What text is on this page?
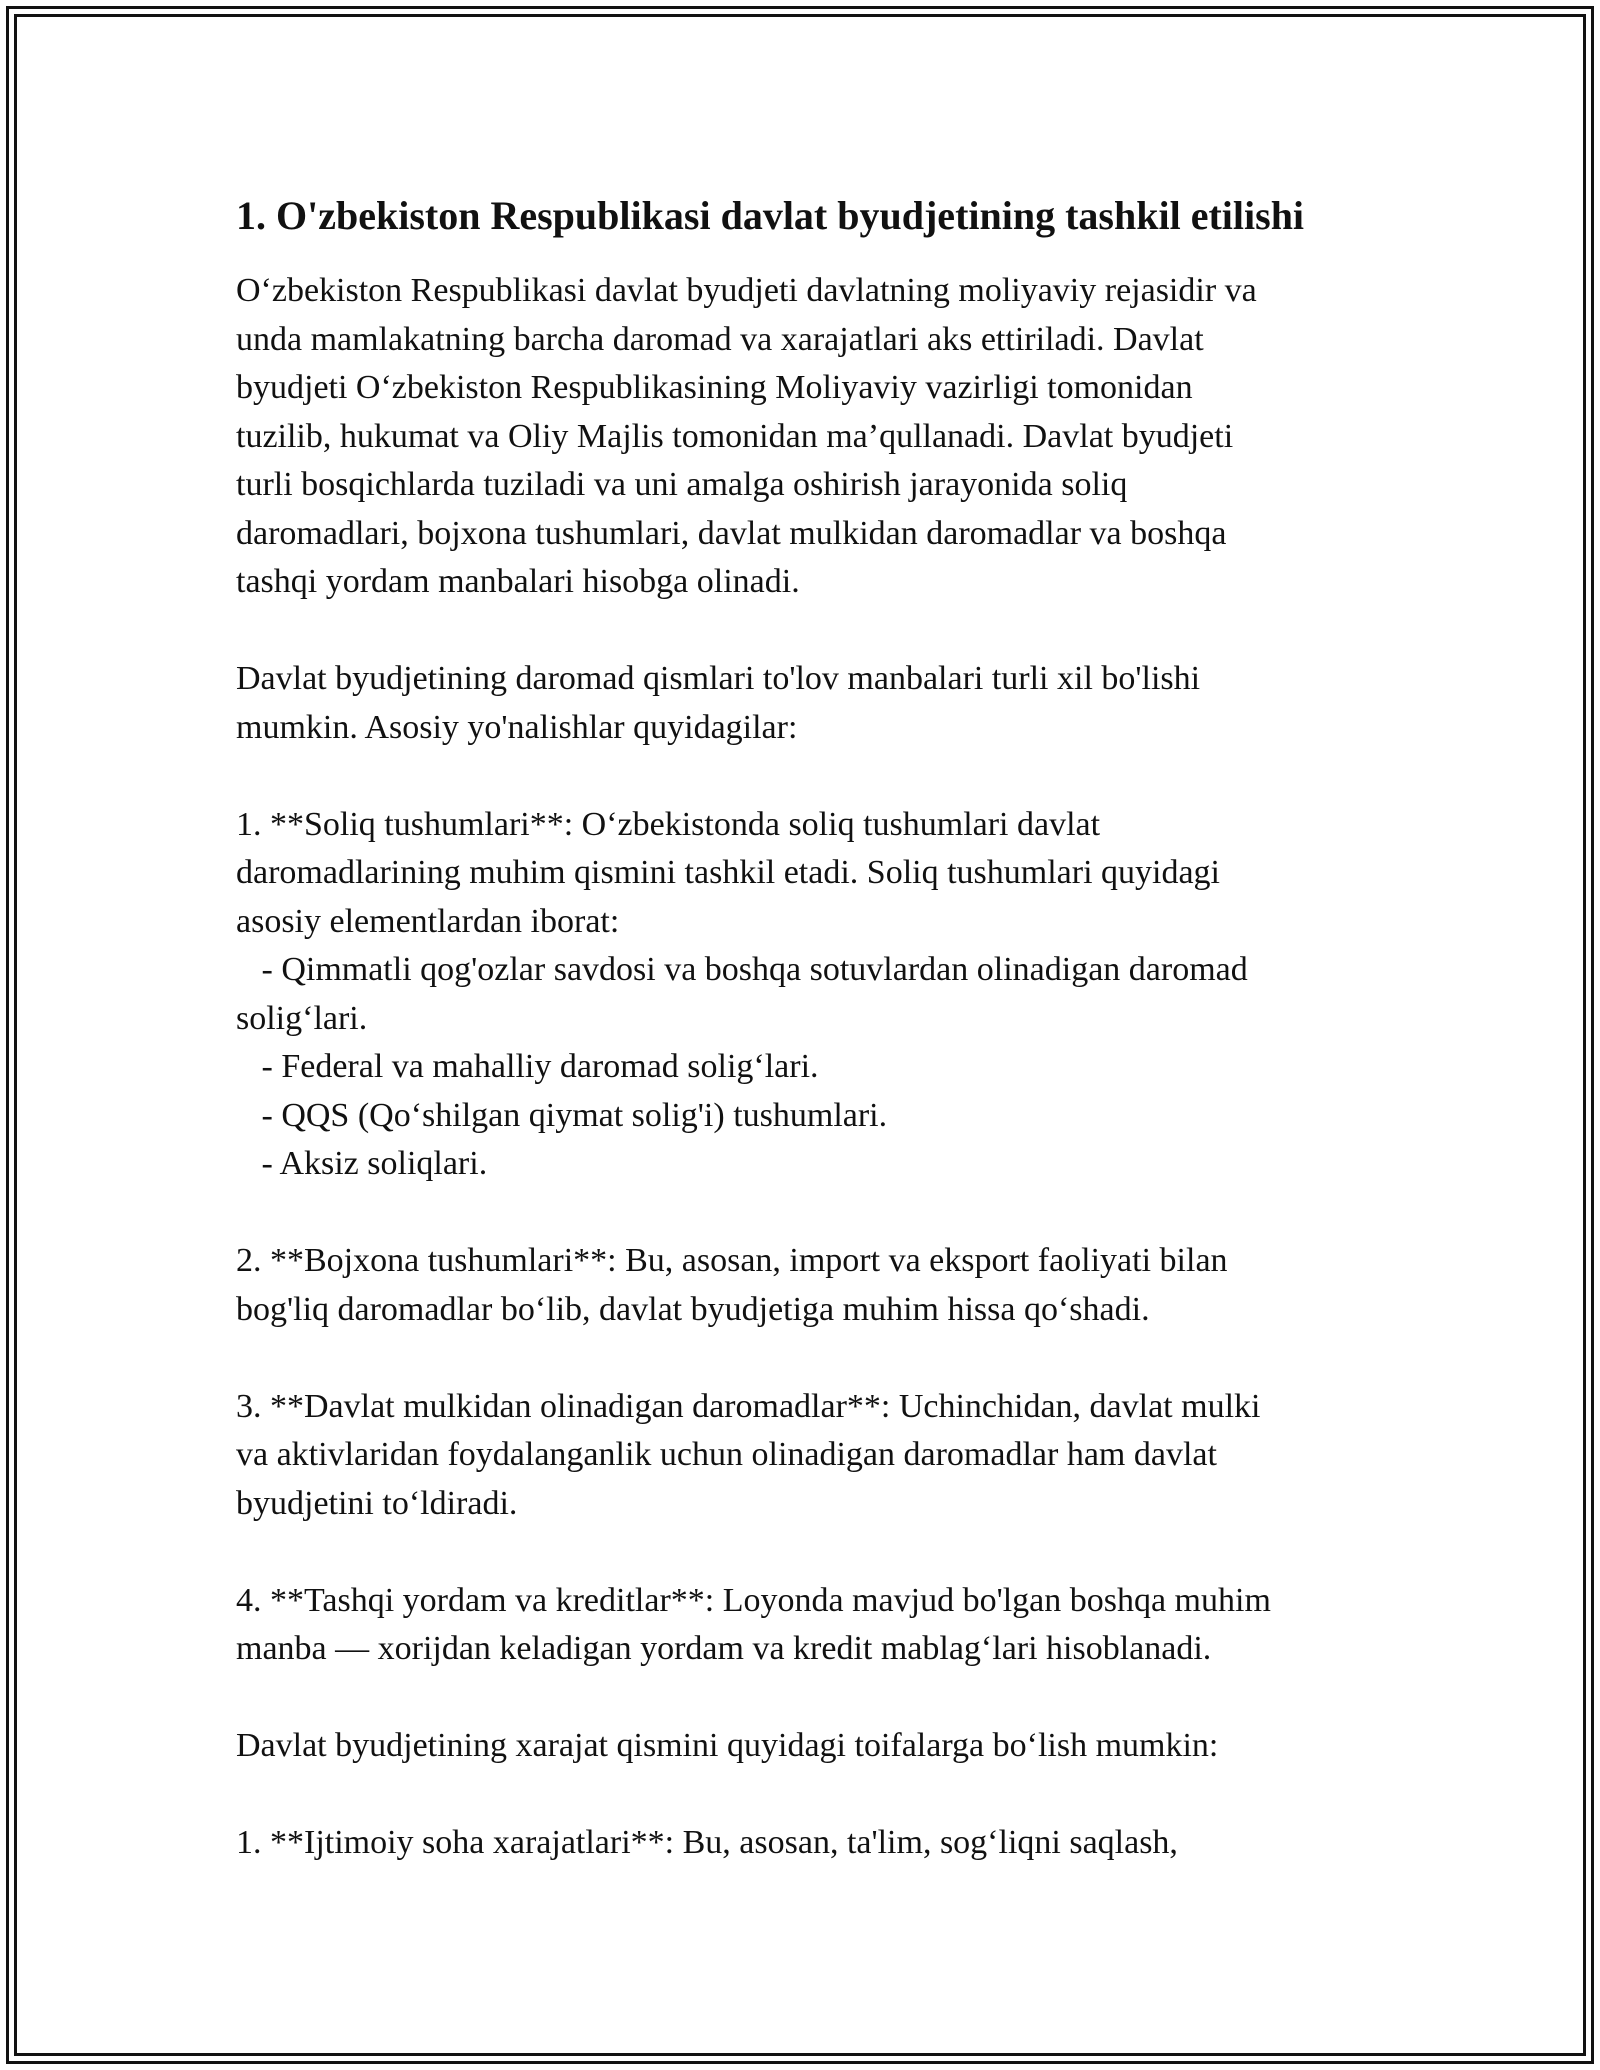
1. O'zbekiston Respublikasi davlat byudjetining tashkil etilishi

O‘zbekiston Respublikasi davlat byudjeti davlatning moliyaviy rejasidir va
unda mamlakatning barcha daromad va xarajatlari aks ettiriladi. Davlat
byudjeti O‘zbekiston Respublikasining Moliyaviy vazirligi tomonidan
tuzilib, hukumat va Oliy Majlis tomonidan ma’qullanadi. Davlat byudjeti
turli bosqichlarda tuziladi va uni amalga oshirish jarayonida soliq
daromadlari, bojxona tushumlari, davlat mulkidan daromadlar va boshqa
tashqi yordam manbalari hisobga olinadi.

Davlat byudjetining daromad qismlari to'lov manbalari turli xil bo'lishi
mumkin. Asosiy yo'nalishlar quyidagilar:

1. **Soliq tushumlari**: O‘zbekistonda soliq tushumlari davlat
daromadlarining muhim qismini tashkil etadi. Soliq tushumlari quyidagi
asosiy elementlardan iborat:
- Qimmatli qog'ozlar savdosi va boshqa sotuvlardan olinadigan daromad
solig‘lari.
- Federal va mahalliy daromad solig‘lari.
- QQS (Qo‘shilgan qiymat solig'i) tushumlari.
- Aksiz soliqlari.

2. **Bojxona tushumlari**: Bu, asosan, import va eksport faoliyati bilan
bog'liq daromadlar bo‘lib, davlat byudjetiga muhim hissa qo‘shadi.

3. **Davlat mulkidan olinadigan daromadlar**: Uchinchidan, davlat mulki
va aktivlaridan foydalanganlik uchun olinadigan daromadlar ham davlat
byudjetini to‘ldiradi.

4. **Tashqi yordam va kreditlar**: Loyonda mavjud bo'lgan boshqa muhim
manba — xorijdan keladigan yordam va kredit mablag‘lari hisoblanadi.

Davlat byudjetining xarajat qismini quyidagi toifalarga bo‘lish mumkin:

1. **Ijtimoiy soha xarajatlari**: Bu, asosan, ta'lim, sog‘liqni saqlash,
